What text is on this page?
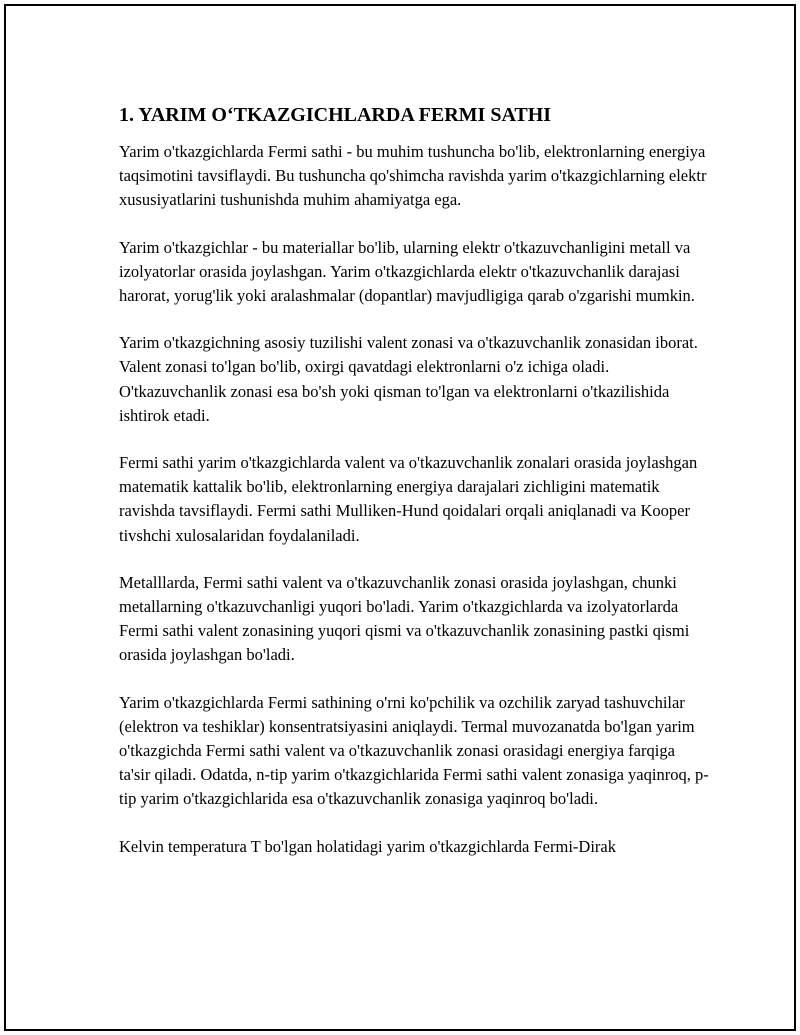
1. YARIM O‘TKAZGICHLARDA FERMI SATHI

Yarim o'tkazgichlarda Fermi sathi - bu muhim tushuncha bo'lib, elektronlarning energiya taqsimotini tavsiflaydi. Bu tushuncha qo'shimcha ravishda yarim o'tkazgichlarning elektr xususiyatlarini tushunishda muhim ahamiyatga ega.

Yarim o'tkazgichlar - bu materiallar bo'lib, ularning elektr o'tkazuvchanligini metall va izolyatorlar orasida joylashgan. Yarim o'tkazgichlarda elektr o'tkazuvchanlik darajasi harorat, yorug'lik yoki aralashmalar (dopantlar) mavjudligiga qarab o'zgarishi mumkin.

Yarim o'tkazgichning asosiy tuzilishi valent zonasi va o'tkazuvchanlik zonasidan iborat. Valent zonasi to'lgan bo'lib, oxirgi qavatdagi elektronlarni o'z ichiga oladi. O'tkazuvchanlik zonasi esa bo'sh yoki qisman to'lgan va elektronlarni o'tkazilishida ishtirok etadi.

Fermi sathi yarim o'tkazgichlarda valent va o'tkazuvchanlik zonalari orasida joylashgan matematik kattalik bo'lib, elektronlarning energiya darajalari zichligini matematik ravishda tavsiflaydi. Fermi sathi Mulliken-Hund qoidalari orqali aniqlanadi va Kooper tivshchi xulosalaridan foydalaniladi.

Metalllarda, Fermi sathi valent va o'tkazuvchanlik zonasi orasida joylashgan, chunki metallarning o'tkazuvchanligi yuqori bo'ladi. Yarim o'tkazgichlarda va izolyatorlarda Fermi sathi valent zonasining yuqori qismi va o'tkazuvchanlik zonasining pastki qismi orasida joylashgan bo'ladi.

Yarim o'tkazgichlarda Fermi sathining o'rni ko'pchilik va ozchilik zaryad tashuvchilar (elektron va teshiklar) konsentratsiyasini aniqlaydi. Termal muvozanatda bo'lgan yarim o'tkazgichda Fermi sathi valent va o'tkazuvchanlik zonasi orasidagi energiya farqiga ta'sir qiladi. Odatda, n-tip yarim o'tkazgichlarida Fermi sathi valent zonasiga yaqinroq, p-tip yarim o'tkazgichlarida esa o'tkazuvchanlik zonasiga yaqinroq bo'ladi.

Kelvin temperatura T bo'lgan holatidagi yarim o'tkazgichlarda Fermi-Dirak
